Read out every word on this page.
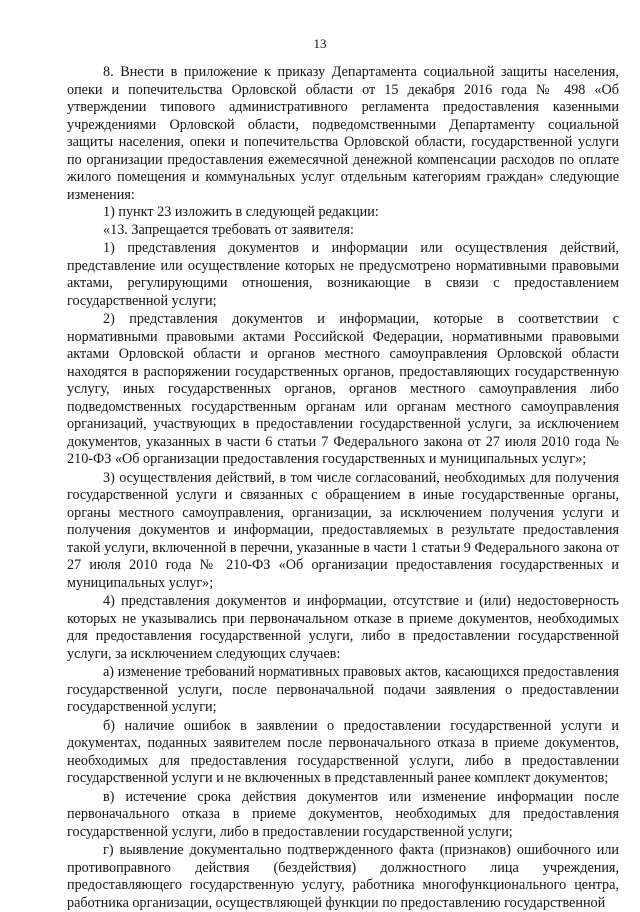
13

8. Внести в приложение к приказу Департамента социальной защиты населения, опеки и попечительства Орловской области от 15 декабря 2016 года № 498 «Об утверждении типового административного регламента предоставления казенными учреждениями Орловской области, подведомственными Департаменту социальной защиты населения, опеки и попечительства Орловской области, государственной услуги по организации предоставления ежемесячной денежной компенсации расходов по оплате жилого помещения и коммунальных услуг отдельным категориям граждан» следующие изменения:

1) пункт 23 изложить в следующей редакции:

«13. Запрещается требовать от заявителя:

1) представления документов и информации или осуществления действий, представление или осуществление которых не предусмотрено нормативными правовыми актами, регулирующими отношения, возникающие в связи с предоставлением государственной услуги;

2) представления документов и информации, которые в соответствии с нормативными правовыми актами Российской Федерации, нормативными правовыми актами Орловской области и органов местного самоуправления Орловской области находятся в распоряжении государственных органов, предоставляющих государственную услугу, иных государственных органов, органов местного самоуправления либо подведомственных государственным органам или органам местного самоуправления организаций, участвующих в предоставлении государственной услуги, за исключением документов, указанных в части 6 статьи 7 Федерального закона от 27 июля 2010 года № 210-ФЗ «Об организации предоставления государственных и муниципальных услуг»;

3) осуществления действий, в том числе согласований, необходимых для получения государственной услуги и связанных с обращением в иные государственные органы, органы местного самоуправления, организации, за исключением получения услуги и получения документов и информации, предоставляемых в результате предоставления такой услуги, включенной в перечни, указанные в части 1 статьи 9 Федерального закона от 27 июля 2010 года № 210-ФЗ «Об организации предоставления государственных и муниципальных услуг»;

4) представления документов и информации, отсутствие и (или) недостоверность которых не указывались при первоначальном отказе в приеме документов, необходимых для предоставления государственной услуги, либо в предоставлении государственной услуги, за исключением следующих случаев:

а) изменение требований нормативных правовых актов, касающихся предоставления государственной услуги, после первоначальной подачи заявления о предоставлении государственной услуги;

б) наличие ошибок в заявлении о предоставлении государственной услуги и документах, поданных заявителем после первоначального отказа в приеме документов, необходимых для предоставления государственной услуги, либо в предоставлении государственной услуги и не включенных в представленный ранее комплект документов;

в) истечение срока действия документов или изменение информации после первоначального отказа в приеме документов, необходимых для предоставления государственной услуги, либо в предоставлении государственной услуги;

г) выявление документально подтвержденного факта (признаков) ошибочного или противоправного действия (бездействия) должностного лица учреждения, предоставляющего государственную услугу, работника многофункционального центра, работника организации, осуществляющей функции по предоставлению государственной
